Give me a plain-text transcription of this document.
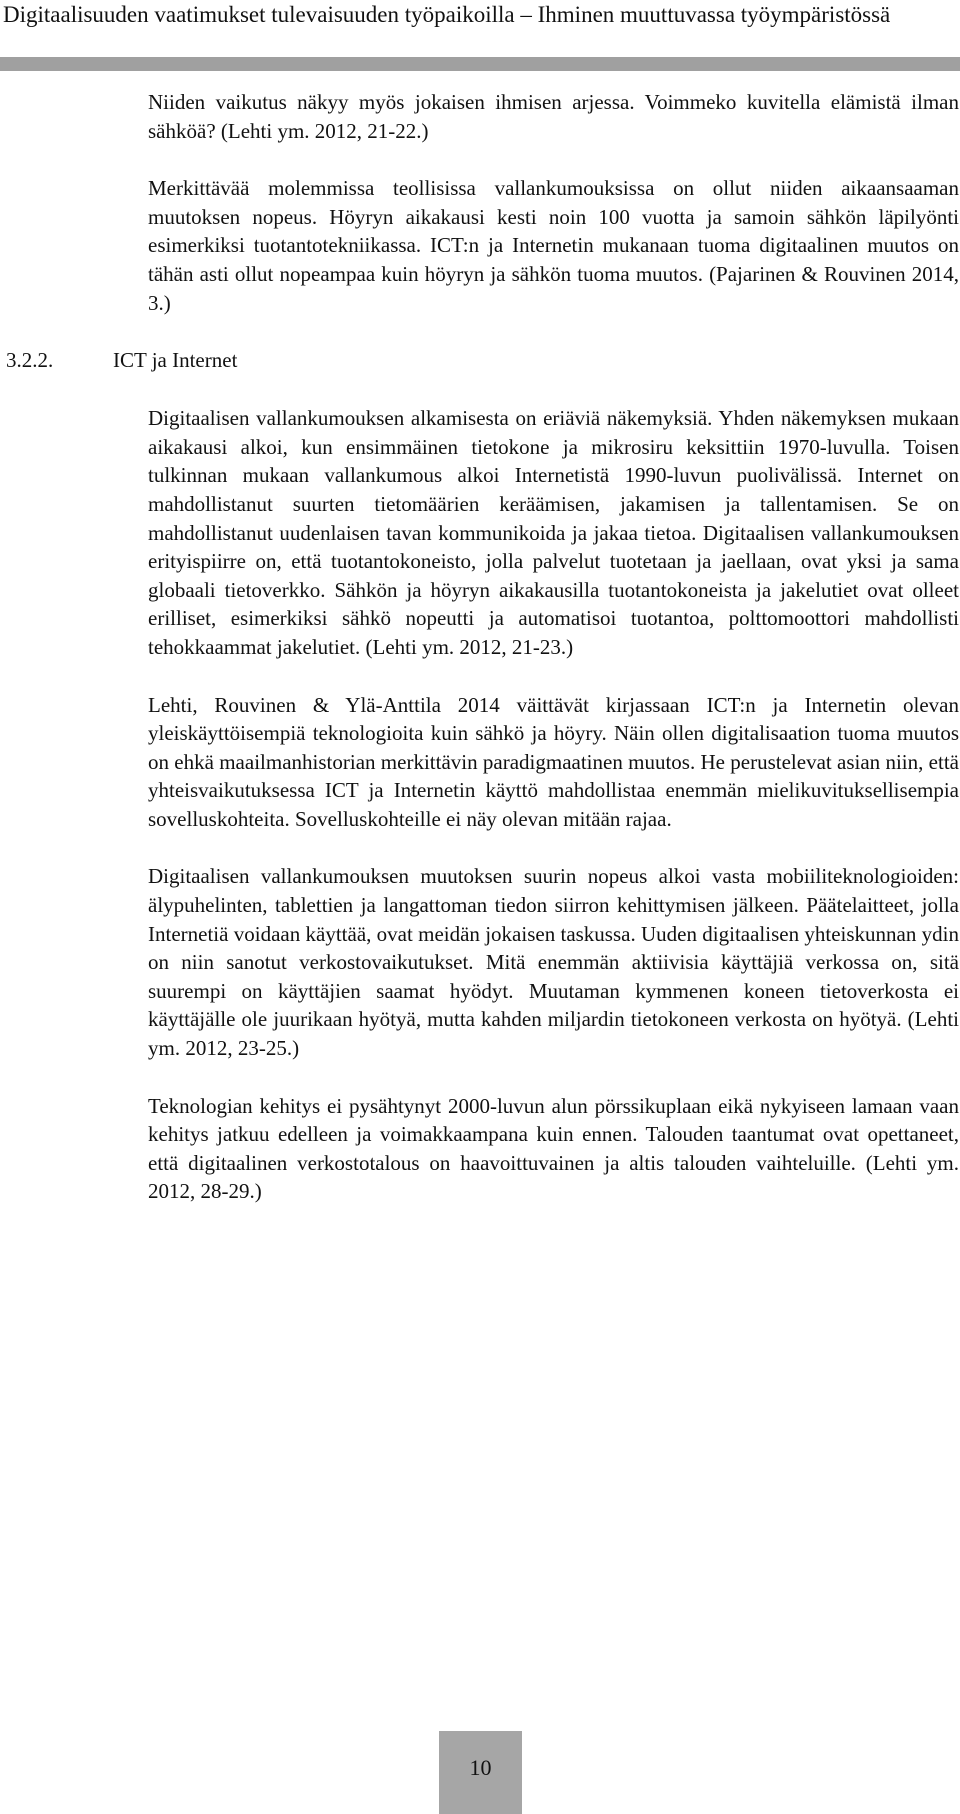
Digitaalisuuden vaatimukset tulevaisuuden työpaikoilla – Ihminen muuttuvassa työympäristössä

Niiden vaikutus näkyy myös jokaisen ihmisen arjessa. Voimmeko kuvitella elämistä ilman sähköä? (Lehti ym. 2012, 21-22.)

Merkittävää molemmissa teollisissa vallankumouksissa on ollut niiden aikaansaaman muutoksen nopeus. Höyryn aikakausi kesti noin 100 vuotta ja samoin sähkön läpilyönti esimerkiksi tuotantotekniikassa. ICT:n ja Internetin mukanaan tuoma digitaalinen muutos on tähän asti ollut nopeampaa kuin höyryn ja sähkön tuoma muutos. (Pajarinen & Rouvinen 2014, 3.)

3.2.2.	ICT ja Internet

Digitaalisen vallankumouksen alkamisesta on eriäviä näkemyksiä. Yhden näkemyksen mukaan aikakausi alkoi, kun ensimmäinen tietokone ja mikrosiru keksittiin 1970-luvulla. Toisen tulkinnan mukaan vallankumous alkoi Internetistä 1990-luvun puolivälissä. Internet on mahdollistanut suurten tietomäärien keräämisen, jakamisen ja tallentamisen. Se on mahdollistanut uudenlaisen tavan kommunikoida ja jakaa tietoa. Digitaalisen vallankumouksen erityispiirre on, että tuotantokoneisto, jolla palvelut tuotetaan ja jaellaan, ovat yksi ja sama globaali tietoverkko. Sähkön ja höyryn aikakausilla tuotantokoneista ja jakelutiet ovat olleet erilliset, esimerkiksi sähkö nopeutti ja automatisoi tuotantoa, polttomoottori mahdollisti tehokkaammat jakelutiet. (Lehti ym. 2012, 21-23.)

Lehti, Rouvinen & Ylä-Anttila 2014 väittävät kirjassaan ICT:n ja Internetin olevan yleiskäyttöisempiä teknologioita kuin sähkö ja höyry. Näin ollen digitalisaation tuoma muutos on ehkä maailmanhistorian merkittävin paradigmaatinen muutos. He perustelevat asian niin, että yhteisvaikutuksessa ICT ja Internetin käyttö mahdollistaa enemmän mielikuvituksellisempia sovelluskohteita. Sovelluskohteille ei näy olevan mitään rajaa.

Digitaalisen vallankumouksen muutoksen suurin nopeus alkoi vasta mobiiliteknologioiden: älypuhelinten, tablettien ja langattoman tiedon siirron kehittymisen jälkeen. Päätelaitteet, jolla Internetiä voidaan käyttää, ovat meidän jokaisen taskussa. Uuden digitaalisen yhteiskunnan ydin on niin sanotut verkostovaikutukset. Mitä enemmän aktiivisia käyttäjiä verkossa on, sitä suurempi on käyttäjien saamat hyödyt. Muutaman kymmenen koneen tietoverkosta ei käyttäjälle ole juurikaan hyötyä, mutta kahden miljardin tietokoneen verkosta on hyötyä. (Lehti ym. 2012, 23-25.)

Teknologian kehitys ei pysähtynyt 2000-luvun alun pörssikuplaan eikä nykyiseen lamaan vaan kehitys jatkuu edelleen ja voimakkaampana kuin ennen. Talouden taantumat ovat opettaneet, että digitaalinen verkostotalous on haavoittuvainen ja altis talouden vaihteluille. (Lehti ym. 2012, 28-29.)

10
